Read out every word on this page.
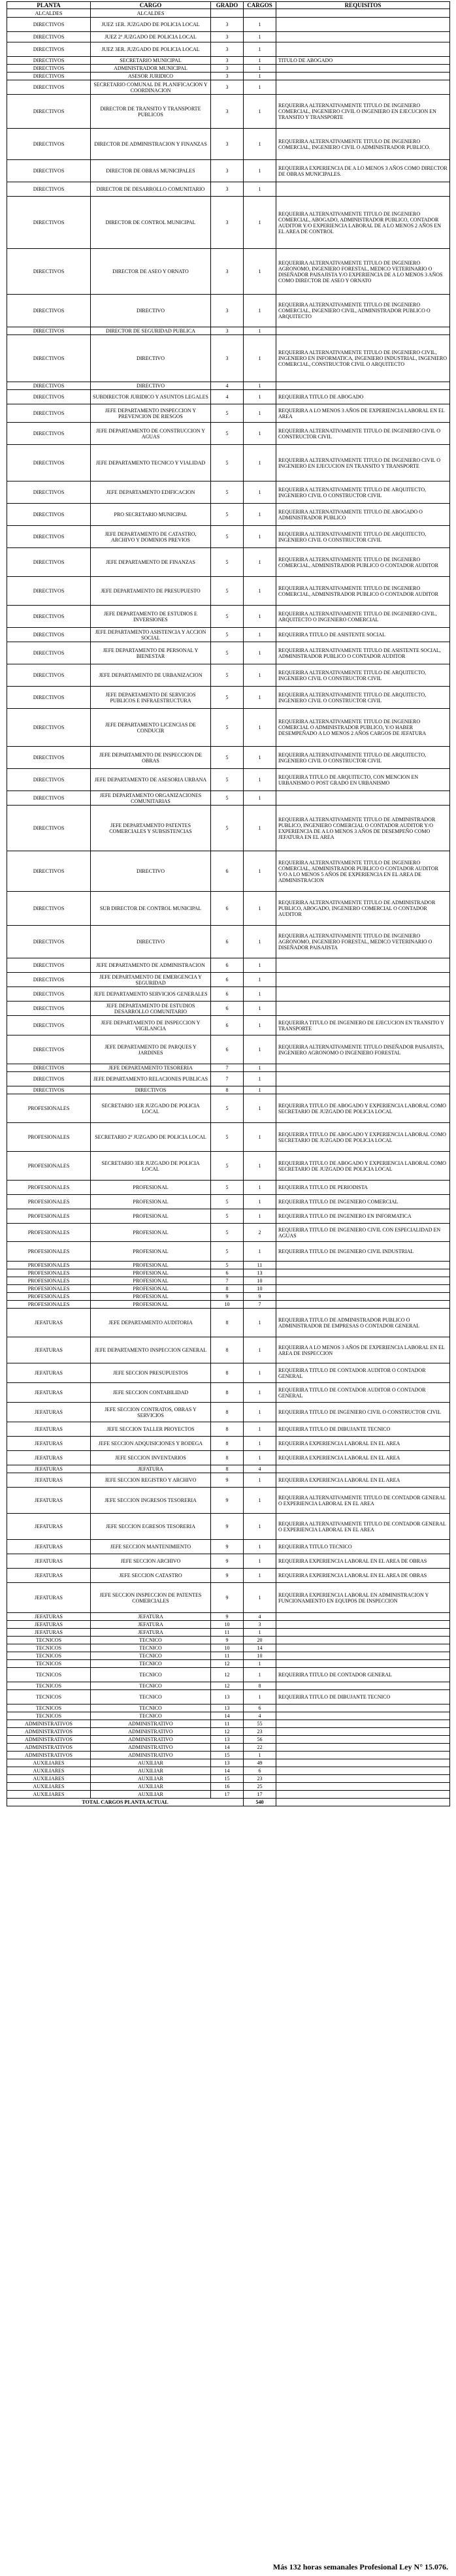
PLANTA	CARGO	GRADO	CARGOS	REQUISITOS
ALCALDES	ALCALDES			
DIRECTIVOS	JUEZ 1ER. JUZGADO DE POLICIA LOCAL	3	1	
DIRECTIVOS	JUEZ 2º JUZGADO DE POLICIA LOCAL	3	1	
DIRECTIVOS	JUEZ 3ER. JUZGADO DE POLICIA LOCAL	3	1	
DIRECTIVOS	SECRETARIO MUNICIPAL	3	1	TITULO DE ABOGADO
DIRECTIVOS	ADMINISTRADOR MUNICIPAL	3	1	
DIRECTIVOS	ASESOR JURIDICO	3	1	
DIRECTIVOS	SECRETARIO COMUNAL DE PLANIFICACION Y COORDINACION	3	1	
DIRECTIVOS	DIRECTOR DE TRANSITO Y TRANSPORTE PUBLICOS	3	1	REQUERIRA ALTERNATIVAMENTE TITULO DE INGENIERO COMERCIAL, INGENIERO CIVIL O INGENIERO EN EJECUCION EN TRANSITO Y TRANSPORTE
DIRECTIVOS	DIRECTOR DE ADMINISTRACION Y FINANZAS	3	1	REQUERIRA ALTERNATIVAMENTE TITULO DE INGENIERO COMERCIAL, INGENIERO CIVIL O ADMINISTRADOR PUBLICO.
DIRECTIVOS	DIRECTOR DE OBRAS MUNICIPALES	3	1	REQUERIRA EXPERIENCIA DE A LO MENOS 3 AÑOS COMO DIRECTOR DE OBRAS MUNICIPALES.
DIRECTIVOS	DIRECTOR DE DESARROLLO COMUNITARIO	3	1	
DIRECTIVOS	DIRECTOR DE CONTROL MUNICIPAL	3	1	REQUERIRA ALTERNATIVAMENTE TITULO DE INGENIERO COMERCIAL, ABOGADO, ADMINISTRADOR PUBLICO, CONTADOR AUDITOR Y/O EXPERIENCIA LABORAL DE A LO MENOS 2 AÑOS EN EL AREA DE CONTROL
DIRECTIVOS	DIRECTOR DE ASEO Y ORNATO	3	1	REQUERIRA ALTERNATIVAMENTE TITULO DE INGENIERO AGRONOMO, INGENIERO FORESTAL, MEDICO VETERINARIO O DISEÑADOR PAISAJISTA Y/O EXPERIENCIA DE A LO MENOS 3 AÑOS COMO DIRECTOR DE ASEO Y ORNATO
DIRECTIVOS	DIRECTIVO	3	1	REQUERIRA ALTERNATIVAMENTE TITULO DE INGENIERO COMERCIAL, INGENIERO CIVIL, ADMINISTRADOR PUBLICO O ARQUITECTO
DIRECTIVOS	DIRECTOR DE SEGURIDAD PUBLICA	3	1	
DIRECTIVOS	DIRECTIVO	3	1	REQUERIRA ALTERNATIVAMENTE TITULO DE INGENIERO CIVIL, INGENIERO EN INFORMATICA, INGENIERO INDUSTRIAL, INGENIERO COMERCIAL, CONSTRUCTOR CIVIL O ARQUITECTO
DIRECTIVOS	DIRECTIVO	4	1	
DIRECTIVOS	SUBDIRECTOR JURIDICO Y ASUNTOS LEGALES	4	1	REQUERIRA TITULO DE ABOGADO
DIRECTIVOS	JEFE DEPARTAMENTO INSPECCION Y PREVENCION DE RIESGOS	5	1	REQUERIRA A LO MENOS 3 AÑOS DE EXPERIENCIA LABORAL EN EL AREA
DIRECTIVOS	JEFE DEPARTAMENTO DE CONSTRUCCION Y AGUAS	5	1	REQUERIRA ALTERNATIVAMENTE TITULO DE INGENIERO CIVIL O CONSTRUCTOR CIVIL
DIRECTIVOS	JEFE DEPARTAMENTO TECNICO Y VIALIDAD	5	1	REQUERIRA ALTERNATIVAMENTE TITULO DE INGENIERO CIVIL O INGENIERO EN EJECUCION EN TRANSITO Y TRANSPORTE
DIRECTIVOS	JEFE DEPARTAMENTO EDIFICACION	5	1	REQUERIRA ALTERNATIVAMENTE TITULO DE ARQUITECTO, INGENIERO CIVIL O CONSTRUCTOR CIVIL
DIRECTIVOS	PRO SECRETARIO MUNICIPAL	5	1	REQUERIRA ALTERNATIVAMENTE TITULO DE ABOGADO O ADMINISTRADOR PUBLICO
DIRECTIVOS	JEFE DEPARTAMENTO DE CATASTRO, ARCHIVO Y DOMINIOS PREVIOS	5	1	REQUERIRA ALTERNATIVAMENTE TITULO DE ARQUITECTO, INGENIERO CIVIL O CONSTRUCTOR CIVIL
DIRECTIVOS	JEFE DEPARTAMENTO DE FINANZAS	5	1	REQUERIRA ALTERNATIVAMENTE TITULO DE INGENIERO COMERCIAL, ADMINISTRADOR PUBLICO O CONTADOR AUDITOR
DIRECTIVOS	JEFE DEPARTAMENTO DE PRESUPUESTO	5	1	REQUERIRA ALTERNATIVAMENTE TITULO DE INGENIERO COMERCIAL, ADMINISTRADOR PUBLICO O CONTADOR AUDITOR
DIRECTIVOS	JEFE DEPARTAMENTO DE ESTUDIOS E INVERSIONES	5	1	REQUERIRA ALTERNATIVAMENTE TITULO DE INGENIERO CIVIL, ARQUITECTO O INGENIERO COMERCIAL
DIRECTIVOS	JEFE DEPARTAMENTO ASISTENCIA Y ACCION SOCIAL	5	1	REQUERIRA TITULO DE ASISTENTE SOCIAL
DIRECTIVOS	JEFE DEPARTAMENTO DE PERSONAL Y BIENESTAR	5	1	REQUERIRA ALTERNATIVAMENTE TITULO DE ASISTENTE SOCIAL, ADMINISTRADOR PUBLICO O CONTADOR AUDITOR
DIRECTIVOS	JEFE DEPARTAMENTO DE URBANIZACION	5	1	REQUERIRA ALTERNATIVAMENTE TITULO DE ARQUITECTO, INGENIERO CIVIL O CONSTRUCTOR CIVIL
DIRECTIVOS	JEFE DEPARTAMENTO DE SERVICIOS PUBLICOS E INFRAESTRUCTURA	5	1	REQUERIRA ALTERNATIVAMENTE TITULO DE ARQUITECTO, INGENIERO CIVIL O CONSTRUCTOR CIVIL
DIRECTIVOS	JEFE DEPARTAMENTO LICENCIAS DE CONDUCIR	5	1	REQUERIRA ALTERNATIVAMENTE TITULO DE INGENIERO COMERCIAL O ADMINISTRADOR PUBLICO, Y/O HABER DESEMPEÑADO A LO MENOS 2 AÑOS CARGOS DE JEFATURA
DIRECTIVOS	JEFE DEPARTAMENTO DE INSPECCION DE OBRAS	5	1	REQUERIRA ALTERNATIVAMENTE TITULO DE ARQUITECTO, INGENIERO CIVIL O CONSTRUCTOR CIVIL
DIRECTIVOS	JEFE DEPARTAMENTO DE ASESORIA URBANA	5	1	REQUERIRA TITULO DE ARQUITECTO, CON MENCION EN URBANISMO O POST GRADO EN URBANISMO
DIRECTIVOS	JEFE DEPARTAMENTO ORGANIZACIONES COMUNITARIAS	5	1	
DIRECTIVOS	JEFE DEPARTAMENTO PATENTES COMERCIALES Y SUBSISTENCIAS	5	1	REQUERIRA ALTERNATIVAMENTE TITULO DE ADMINISTRADOR PUBLICO, INGENIERO COMERCIAL O CONTADOR AUDITOR Y/O EXPERIENCIA DE A LO MENOS 3 AÑOS DE DESEMPEÑO COMO JEFATURA EN EL AREA
DIRECTIVOS	DIRECTIVO	6	1	REQUERIRA ALTERNATIVAMENTE TITULO DE INGENIERO COMERCIAL, ADMINISTRADOR PUBLICO O CONTADOR AUDITOR Y/O A LO MENOS 5 AÑOS DE EXPERIENCIA EN EL AREA DE ADMINISTRACION
DIRECTIVOS	SUB DIRECTOR DE CONTROL MUNICIPAL	6	1	REQUERIRA ALTERNATIVAMENTE TITULO DE ADMINISTRADOR PUBLICO, ABOGADO, INGENIERO COMERCIAL O CONTADOR AUDITOR
DIRECTIVOS	DIRECTIVO	6	1	REQUERIRA ALTERNATIVAMENTE TITULO DE INGENIERO AGRONOMO, INGENIERO FORESTAL, MEDICO VETERINARIO O DISEÑADOR PAISAJISTA
DIRECTIVOS	JEFE DEPARTAMENTO DE ADMINISTRACION	6	1	
DIRECTIVOS	JEFE DEPARTAMENTO DE EMERGENCIA Y SEGURIDAD	6	1	
DIRECTIVOS	JEFE DEPARTAMENTO SERVICIOS GENERALES	6	1	
DIRECTIVOS	JEFE DEPARTAMENTO DE ESTUDIOS DESARROLLO COMUNITARIO	6	1	
DIRECTIVOS	JEFE DEPARTAMENTO DE INSPECCION Y VIGILANCIA	6	1	REQUERIRA TITULO DE INGENIERO DE EJECUCION EN TRANSITO Y TRANSPORTE
DIRECTIVOS	JEFE DEPARTAMENTO DE PARQUES Y JARDINES	6	1	REQUERIRA ALTERNATIVAMENTE TITULO DISEÑADOR PAISAJISTA, INGENIERO AGRONOMO O INGENIERO FORESTAL
DIRECTIVOS	JEFE DEPARTAMENTO TESORERIA	7	1	
DIRECTIVOS	JEFE DEPARTAMENTO RELACIONES PUBLICAS	7	1	
DIRECTIVOS	DIRECTIVOS	8	1	
PROFESIONALES	SECRETARIO 1ER JUZGADO DE POLICIA LOCAL	5	1	REQUERIRA TITULO DE ABOGADO Y EXPERIENCIA LABORAL COMO SECRETARIO DE JUZGADO DE POLICIA LOCAL
PROFESIONALES	SECRETARIO 2º JUZGADO DE POLICIA LOCAL	5	1	REQUERIRA TITULO DE ABOGADO Y EXPERIENCIA LABORAL COMO SECRETARIO DE JUZGADO DE POLICIA LOCAL
PROFESIONALES	SECRETARIO 3ER JUZGADO DE POLICIA LOCAL	5	1	REQUERIRA TITULO DE ABOGADO Y EXPERIENCIA LABORAL COMO SECRETARIO DE JUZGADO DE POLICIA LOCAL
PROFESIONALES	PROFESIONAL	5	1	REQUERIRA TITULO DE PERIODISTA
PROFESIONALES	PROFESIONAL	5	1	REQUERIRA TITULO DE INGENIERO COMERCIAL
PROFESIONALES	PROFESIONAL	5	1	REQUERIRA TITULO DE INGENIERO EN INFORMATICA
PROFESIONALES	PROFESIONAL	5	2	REQUERIRA TITULO DE INGENIERO CIVIL CON ESPECIALIDAD EN AGUAS
PROFESIONALES	PROFESIONAL	5	1	REQUERIRA TITULO DE INGENIERO CIVIL INDUSTRIAL
PROFESIONALES	PROFESIONAL	5	11	
PROFESIONALES	PROFESIONAL	6	13	
PROFESIONALES	PROFESIONAL	7	10	
PROFESIONALES	PROFESIONAL	8	10	
PROFESIONALES	PROFESIONAL	9	9	
PROFESIONALES	PROFESIONAL	10	7	
JEFATURAS	JEFE DEPARTAMENTO AUDITORIA	8	1	REQUERIRA TITULO DE ADMINISTRADOR PUBLICO O ADMINISTRADOR DE EMPRESAS O CONTADOR GENERAL
JEFATURAS	JEFE DEPARTAMENTO INSPECCION GENERAL	8	1	REQUERIRA A LO MENOS 3 AÑOS DE EXPERIENCIA LABORAL EN EL AREA DE INSPECCION
JEFATURAS	JEFE SECCION PRESUPUESTOS	8	1	REQUERIRA TITULO DE CONTADOR AUDITOR O CONTADOR GENERAL
JEFATURAS	JEFE SECCION CONTABILIDAD	8	1	REQUERIRA TITULO DE CONTADOR AUDITOR O CONTADOR GENERAL
JEFATURAS	JEFE SECCION CONTRATOS, OBRAS Y SERVICIOS	8	1	REQUERIRA TITULO DE INGENIERO CIVIL O CONSTRUCTOR CIVIL
JEFATURAS	JEFE SECCION TALLER PROYECTOS	8	1	REQUERIRA TITULO DE DIBUJANTE TECNICO
JEFATURAS	JEFE SECCION ADQUISICIONES Y BODEGA	8	1	REQUERIRA EXPERIENCIA LABORAL EN EL AREA
JEFATURAS	JEFE SECCION INVENTARIOS	8	1	REQUERIRA EXPERIENCIA LABORAL EN EL AREA
JEFATURAS	JEFATURA	8	4	
JEFATURAS	JEFE SECCION REGISTRO Y ARCHIVO	9	1	REQUERIRA EXPERIENCIA LABORAL EN EL AREA
JEFATURAS	JEFE SECCION INGRESOS TESORERIA	9	1	REQUERIRA ALTERNATIVAMENTE TITULO DE CONTADOR GENERAL O EXPERIENCIA LABORAL EN EL AREA
JEFATURAS	JEFE SECCION EGRESOS TESORERIA	9	1	REQUERIRA ALTERNATIVAMENTE TITULO DE CONTADOR GENERAL O EXPERIENCIA LABORAL EN EL AREA
JEFATURAS	JEFE SECCION MANTENIMIENTO	9	1	REQUERIRA TITULO TECNICO
JEFATURAS	JEFE SECCION ARCHIVO	9	1	REQUERIRA EXPERIENCIA LABORAL EN EL AREA DE OBRAS
JEFATURAS	JEFE SECCION CATASTRO	9	1	REQUERIRA EXPERIENCIA LABORAL EN EL AREA DE OBRAS
JEFATURAS	JEFE SECCION INSPECCION DE PATENTES COMERCIALES	9	1	REQUERIRA EXPERIENCIA LABORAL EN ADMINISTRACION Y FUNCIONAMIENTO EN EQUIPOS DE INSPECCION
JEFATURAS	JEFATURA	9	4	
JEFATURAS	JEFATURA	10	3	
JEFATURAS	JEFATURA	11	1	
TECNICOS	TECNICO	9	20	
TECNICOS	TECNICO	10	14	
TECNICOS	TECNICO	11	10	
TECNICOS	TECNICO	12	1	
TECNICOS	TECNICO	12	1	REQUERIRA TITULO DE CONTADOR GENERAL
TECNICOS	TECNICO	12	8	
TECNICOS	TECNICO	13	1	REQUERIRA TITULO DE DIBUJANTE TECNICO
TECNICOS	TECNICO	13	6	
TECNICOS	TECNICO	14	4	
ADMINISTRATIVOS	ADMINISTRATIVO	11	55	
ADMINISTRATIVOS	ADMINISTRATIVO	12	23	
ADMINISTRATIVOS	ADMINISTRATIVO	13	56	
ADMINISTRATIVOS	ADMINISTRATIVO	14	22	
ADMINISTRATIVOS	ADMINISTRATIVO	15	1	
AUXILIARES	AUXILIAR	13	49	
AUXILIARES	AUXILIAR	14	6	
AUXILIARES	AUXILIAR	15	23	
AUXILIARES	AUXILIAR	16	25	
AUXILIARES	AUXILIAR	17	17	
TOTAL CARGOS PLANTA ACTUAL			540	
Más 132 horas semanales Profesional Ley N° 15.076.
